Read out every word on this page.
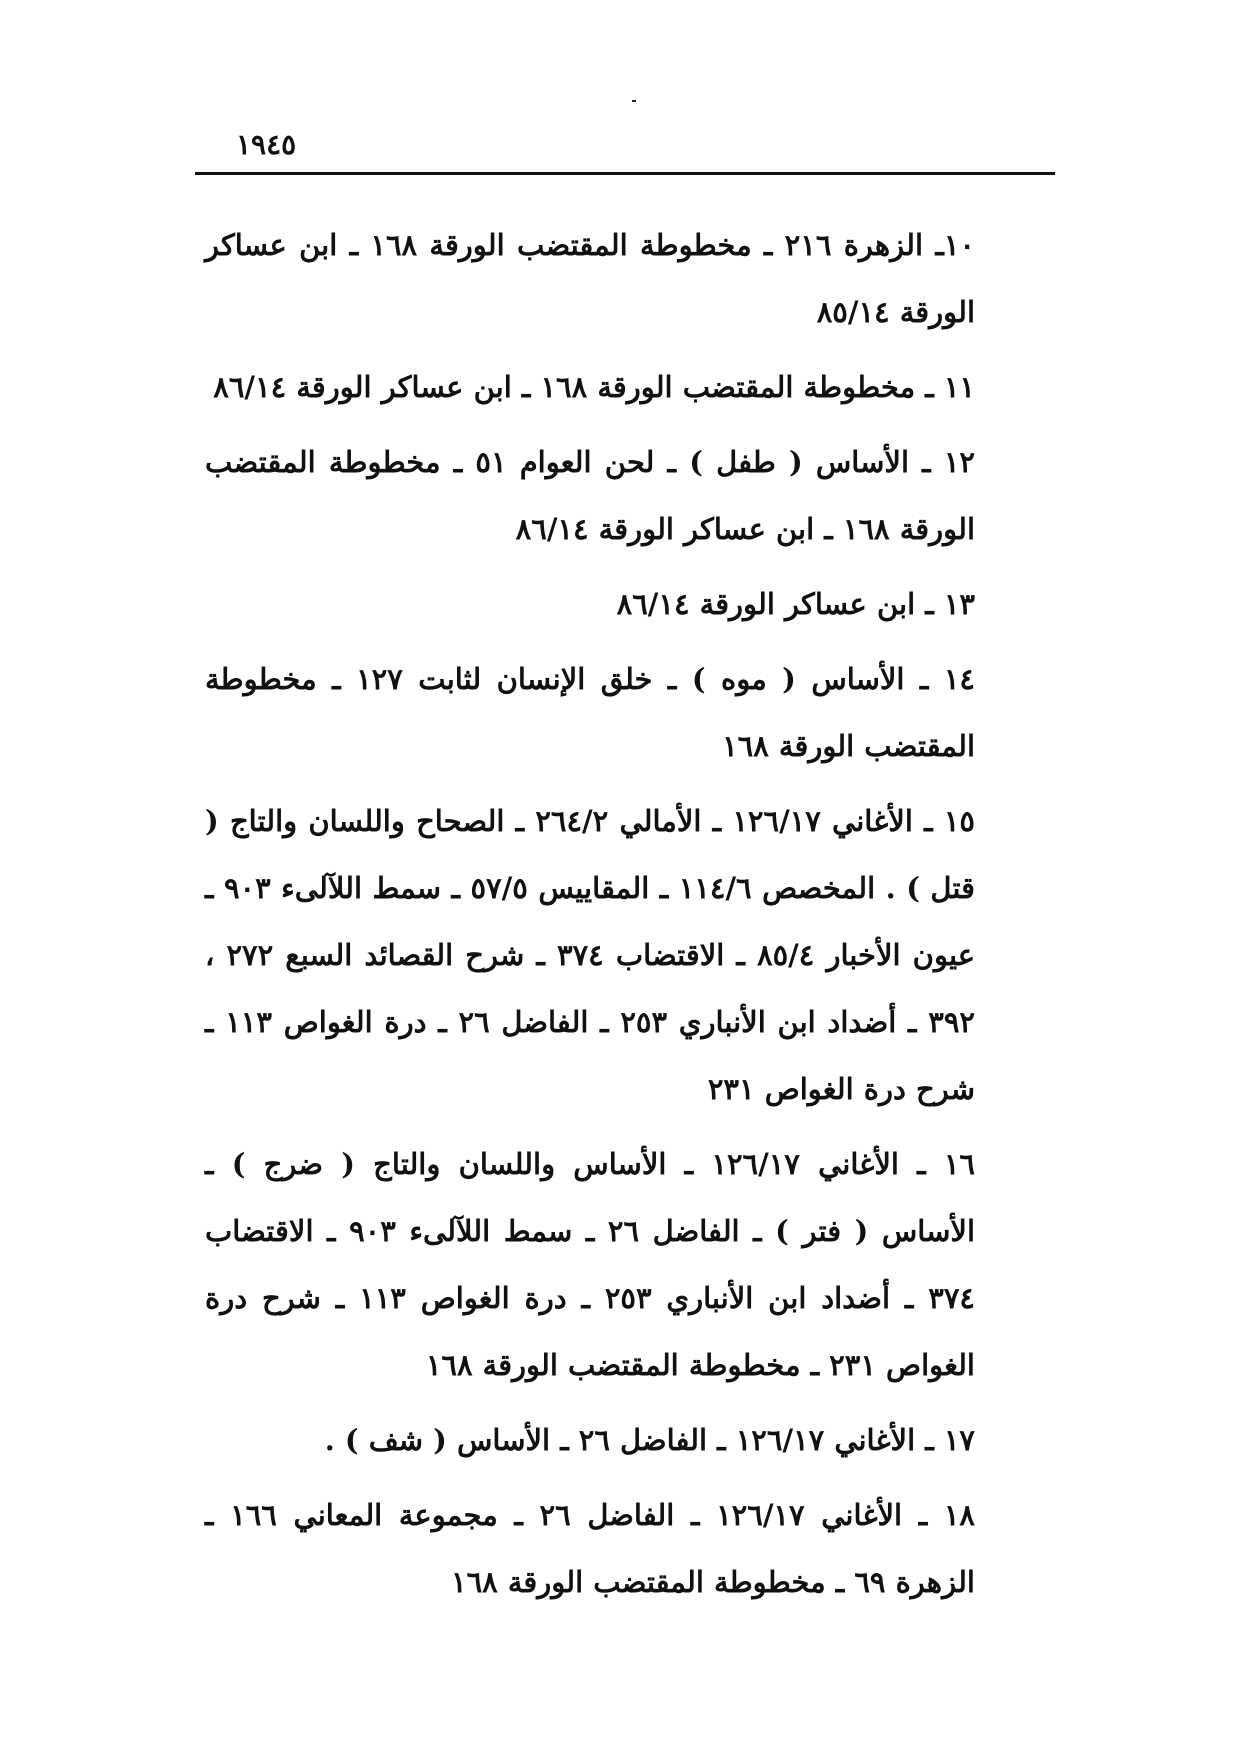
١٩٤٥

١٠ـ الزهرة ٢١٦ ـ مخطوطة المقتضب الورقة ١٦٨ ـ ابن عساكر الورقة ٨٥/١٤

١١ ـ مخطوطة المقتضب الورقة ١٦٨ ـ ابن عساكر الورقة ٨٦/١٤

١٢ ـ الأساس ( طفل ) ـ لحن العوام ٥١ ـ مخطوطة المقتضب الورقة ١٦٨ ـ ابن عساكر الورقة ٨٦/١٤

١٣ ـ ابن عساكر الورقة ٨٦/١٤

١٤ ـ الأساس ( موه ) ـ خلق الإنسان لثابت ١٢٧ ـ مخطوطة المقتضب الورقة ١٦٨

١٥ ـ الأغاني ١٢٦/١٧ ـ الأمالي ٢٦٤/٢ ـ الصحاح واللسان والتاج ( قتل ) . المخصص ١١٤/٦ ـ المقاييس ٥٧/٥ ـ سمط اللآلىء ٩٠٣ ـ عيون الأخبار ٨٥/٤ ـ الاقتضاب ٣٧٤ ـ شرح القصائد السبع ٢٧٢ ، ٣٩٢ ـ أضداد ابن الأنباري ٢٥٣ ـ الفاضل ٢٦ ـ درة الغواص ١١٣ ـ شرح درة الغواص ٢٣١

١٦ ـ الأغاني ١٢٦/١٧ ـ الأساس واللسان والتاج ( ضرج ) ـ الأساس ( فتر ) ـ الفاضل ٢٦ ـ سمط اللآلىء ٩٠٣ ـ الاقتضاب ٣٧٤ ـ أضداد ابن الأنباري ٢٥٣ ـ درة الغواص ١١٣ ـ شرح درة الغواص ٢٣١ ـ مخطوطة المقتضب الورقة ١٦٨

١٧ ـ الأغاني ١٢٦/١٧ ـ الفاضل ٢٦ ـ الأساس ( شف ) .

١٨ ـ الأغاني ١٢٦/١٧ ـ الفاضل ٢٦ ـ مجموعة المعاني ١٦٦ ـ الزهرة ٦٩ ـ مخطوطة المقتضب الورقة ١٦٨
